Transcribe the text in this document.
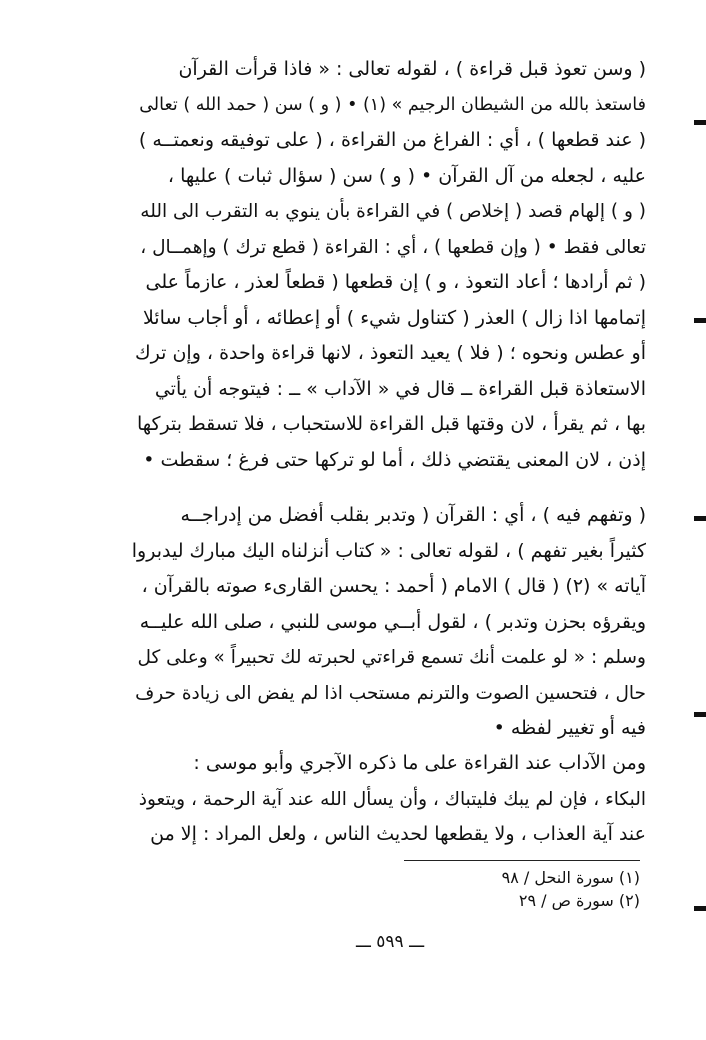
( وسن تعوذ قبل قراءة ) ، لقوله تعالى : « فاذا قرأت القرآن
فاستعذ بالله من الشيطان الرجيم » (١) • ( و ) سن ( حمد الله ) تعالى
( عند قطعها ) ، أي : الفراغ من القراءة ، ( على توفيقه ونعمتــه )
عليه ، لجعله من آل القرآن • ( و ) سن ( سؤال ثبات ) عليها ،
( و ) إلهام قصد ( إخلاص ) في القراءة بأن ينوي به التقرب الى الله
تعالى فقط • ( وإن قطعها ) ، أي : القراءة ( قطع ترك ) وإهمــال ،
( ثم أرادها ؛ أعاد التعوذ ، و ) إن قطعها ( قطعاً لعذر ، عازماً على
إتمامها اذا زال ) العذر ( كتناول شيء ) أو إعطائه ، أو أجاب سائلا
أو عطس ونحوه ؛ ( فلا ) يعيد التعوذ ، لانها قراءة واحدة ، وإن ترك
الاستعاذة قبل القراءة ــ قال في « الآداب » ــ : فيتوجه أن يأتي
بها ، ثم يقرأ ، لان وقتها قبل القراءة للاستحباب ، فلا تسقط بتركها
إذن ، لان المعنى يقتضي ذلك ، أما لو تركها حتى فرغ ؛ سقطت •
( وتفهم فيه ) ، أي : القرآن ( وتدبر بقلب أفضل من إدراجــه
كثيراً بغير تفهم ) ، لقوله تعالى : « كتاب أنزلناه اليك مبارك ليدبروا
آياته » (٢) ( قال ) الامام ( أحمد : يحسن القارىء صوته بالقرآن ،
ويقرؤه بحزن وتدبر ) ، لقول أبــي موسى للنبي ، صلى الله عليــه
وسلم : « لو علمت أنك تسمع قراءتي لحبرته لك تحبيراً » وعلى كل
حال ، فتحسين الصوت والترنم مستحب اذا لم يفض الى زيادة حرف
فيه أو تغيير لفظه •
ومن الآداب عند القراءة على ما ذكره الآجري وأبو موسى :
البكاء ، فإن لم يبك فليتباك ، وأن يسأل الله عند آية الرحمة ، ويتعوذ
عند آية العذاب ، ولا يقطعها لحديث الناس ، ولعل المراد : إلا من
(١) سورة النحل / ٩٨
(٢) سورة ص / ٢٩
ـــ ٥٩٩ ـــ
